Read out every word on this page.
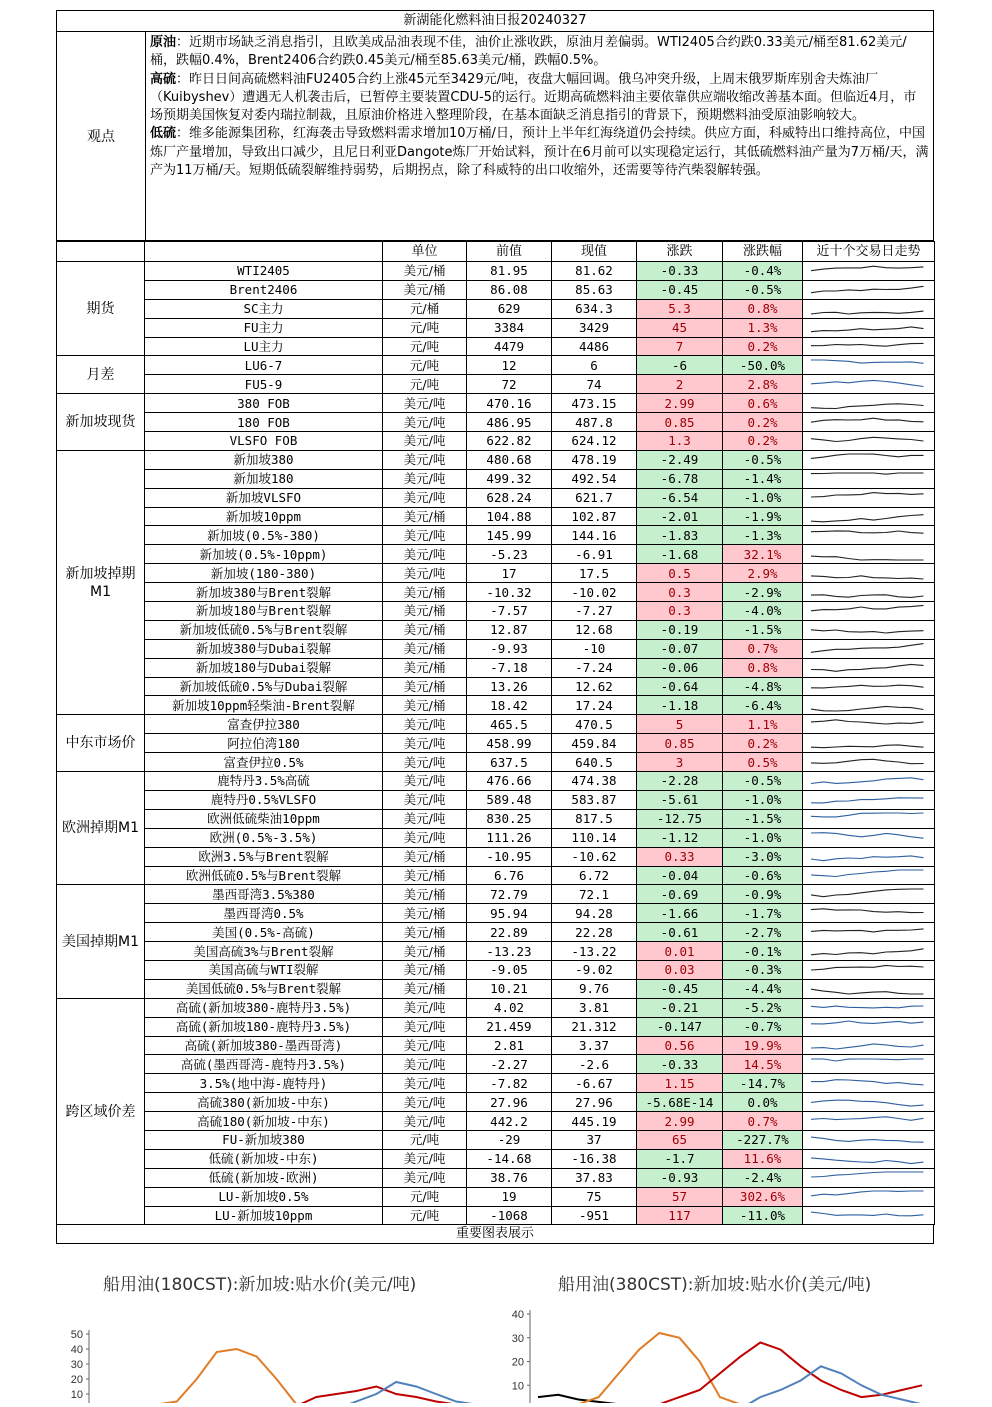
新湖能化燃料油日报20240327
观点

原油：近期市场缺乏消息指引，且欧美成品油表现不佳，油价止涨收跌，原油月差偏弱。WTI2405合约跌0.33美元/桶至81.62美元/桶，跌幅0.4%，Brent2406合约跌0.45美元/桶至85.63美元/桶，跌幅0.5%。

高硫：昨日日间高硫燃料油FU2405合约上涨45元至3429元/吨，夜盘大幅回调。俄乌冲突升级，上周末俄罗斯库别舍夫炼油厂（Kuibyshev）遭遇无人机袭击后，已暂停主要装置CDU-5的运行。近期高硫燃料油主要依靠供应端收缩改善基本面。但临近4月，市场预期美国恢复对委内瑞拉制裁，且原油价格进入整理阶段，在基本面缺乏消息指引的背景下，预期燃料油受原油影响较大。

低硫：维多能源集团称，红海袭击导致燃料需求增加10万桶/日，预计上半年红海绕道仍会持续。供应方面，科威特出口维持高位，中国炼厂产量增加，导致出口减少，且尼日利亚Dangote炼厂开始试料，预计在6月前可以实现稳定运行，其低硫燃料油产量为7万桶/天，满产为11万桶/天。短期低硫裂解维持弱势，后期拐点，除了科威特的出口收缩外，还需要等待汽柴裂解转强。

		单位	前值	现值	涨跌	涨跌幅	近十个交易日走势
期货	WTI2405	美元/桶	81.95	81.62	-0.33	-0.4%	

	Brent2406	美元/桶	86.08	85.63	-0.45	-0.5%	

	SC主力	元/桶	629	634.3	5.3	0.8%	

	FU主力	元/吨	3384	3429	45	1.3%	

	LU主力	元/吨	4479	4486	7	0.2%	

月差	LU6-7	元/吨	12	6	-6	-50.0%	

	FU5-9	元/吨	72	74	2	2.8%	

新加坡现货	380 FOB	美元/吨	470.16	473.15	2.99	0.6%	

	180 FOB	美元/吨	486.95	487.8	0.85	0.2%	

	VLSFO FOB	美元/吨	622.82	624.12	1.3	0.2%	

新加坡掉期M1	新加坡380	美元/吨	480.68	478.19	-2.49	-0.5%	

	新加坡180	美元/吨	499.32	492.54	-6.78	-1.4%	

	新加坡VLSFO	美元/吨	628.24	621.7	-6.54	-1.0%	

	新加坡10ppm	美元/桶	104.88	102.87	-2.01	-1.9%	

	新加坡(0.5%-380)	美元/吨	145.99	144.16	-1.83	-1.3%	

	新加坡(0.5%-10ppm)	美元/吨	-5.23	-6.91	-1.68	32.1%	

	新加坡(180-380)	美元/吨	17	17.5	0.5	2.9%	

	新加坡380与Brent裂解	美元/桶	-10.32	-10.02	0.3	-2.9%	

	新加坡180与Brent裂解	美元/桶	-7.57	-7.27	0.3	-4.0%	

	新加坡低硫0.5%与Brent裂解	美元/桶	12.87	12.68	-0.19	-1.5%	

	新加坡380与Dubai裂解	美元/桶	-9.93	-10	-0.07	0.7%	

	新加坡180与Dubai裂解	美元/桶	-7.18	-7.24	-0.06	0.8%	

	新加坡低硫0.5%与Dubai裂解	美元/桶	13.26	12.62	-0.64	-4.8%	

	新加坡10ppm轻柴油-Brent裂解	美元/桶	18.42	17.24	-1.18	-6.4%	

中东市场价	富查伊拉380	美元/吨	465.5	470.5	5	1.1%	

	阿拉伯湾180	美元/吨	458.99	459.84	0.85	0.2%	

	富查伊拉0.5%	美元/吨	637.5	640.5	3	0.5%	

欧洲掉期M1	鹿特丹3.5%高硫	美元/吨	476.66	474.38	-2.28	-0.5%	

	鹿特丹0.5%VLSFO	美元/吨	589.48	583.87	-5.61	-1.0%	

	欧洲低硫柴油10ppm	美元/吨	830.25	817.5	-12.75	-1.5%	

	欧洲(0.5%-3.5%)	美元/吨	111.26	110.14	-1.12	-1.0%	

	欧洲3.5%与Brent裂解	美元/桶	-10.95	-10.62	0.33	-3.0%	

	欧洲低硫0.5%与Brent裂解	美元/桶	6.76	6.72	-0.04	-0.6%	

美国掉期M1	墨西哥湾3.5%380	美元/桶	72.79	72.1	-0.69	-0.9%	

	墨西哥湾0.5%	美元/桶	95.94	94.28	-1.66	-1.7%	

	美国(0.5%-高硫)	美元/桶	22.89	22.28	-0.61	-2.7%	

	美国高硫3%与Brent裂解	美元/桶	-13.23	-13.22	0.01	-0.1%	

	美国高硫与WTI裂解	美元/桶	-9.05	-9.02	0.03	-0.3%	

	美国低硫0.5%与Brent裂解	美元/桶	10.21	9.76	-0.45	-4.4%	

跨区域价差	高硫(新加坡380-鹿特丹3.5%)	美元/吨	4.02	3.81	-0.21	-5.2%	

	高硫(新加坡180-鹿特丹3.5%)	美元/吨	21.459	21.312	-0.147	-0.7%	

	高硫(新加坡380-墨西哥湾)	美元/吨	2.81	3.37	0.56	19.9%	

	高硫(墨西哥湾-鹿特丹3.5%)	美元/吨	-2.27	-2.6	-0.33	14.5%	

	3.5%(地中海-鹿特丹)	美元/吨	-7.82	-6.67	1.15	-14.7%	

	高硫380(新加坡-中东)	美元/吨	27.96	27.96	-5.68E-14	0.0%	

	高硫180(新加坡-中东)	美元/吨	442.2	445.19	2.99	0.7%	

	FU-新加坡380	元/吨	-29	37	65	-227.7%	

	低硫(新加坡-中东)	美元/吨	-14.68	-16.38	-1.7	11.6%	

	低硫(新加坡-欧洲)	美元/吨	38.76	37.83	-0.93	-2.4%	

	LU-新加坡0.5%	元/吨	19	75	57	302.6%	

	LU-新加坡10ppm	元/吨	-1068	-951	117	-11.0%	
重要图表展示
船用油(180CST):新加坡:贴水价(美元/吨)
50
40
30
20
10
船用油(380CST):新加坡:贴水价(美元/吨)
40
30
20
10
